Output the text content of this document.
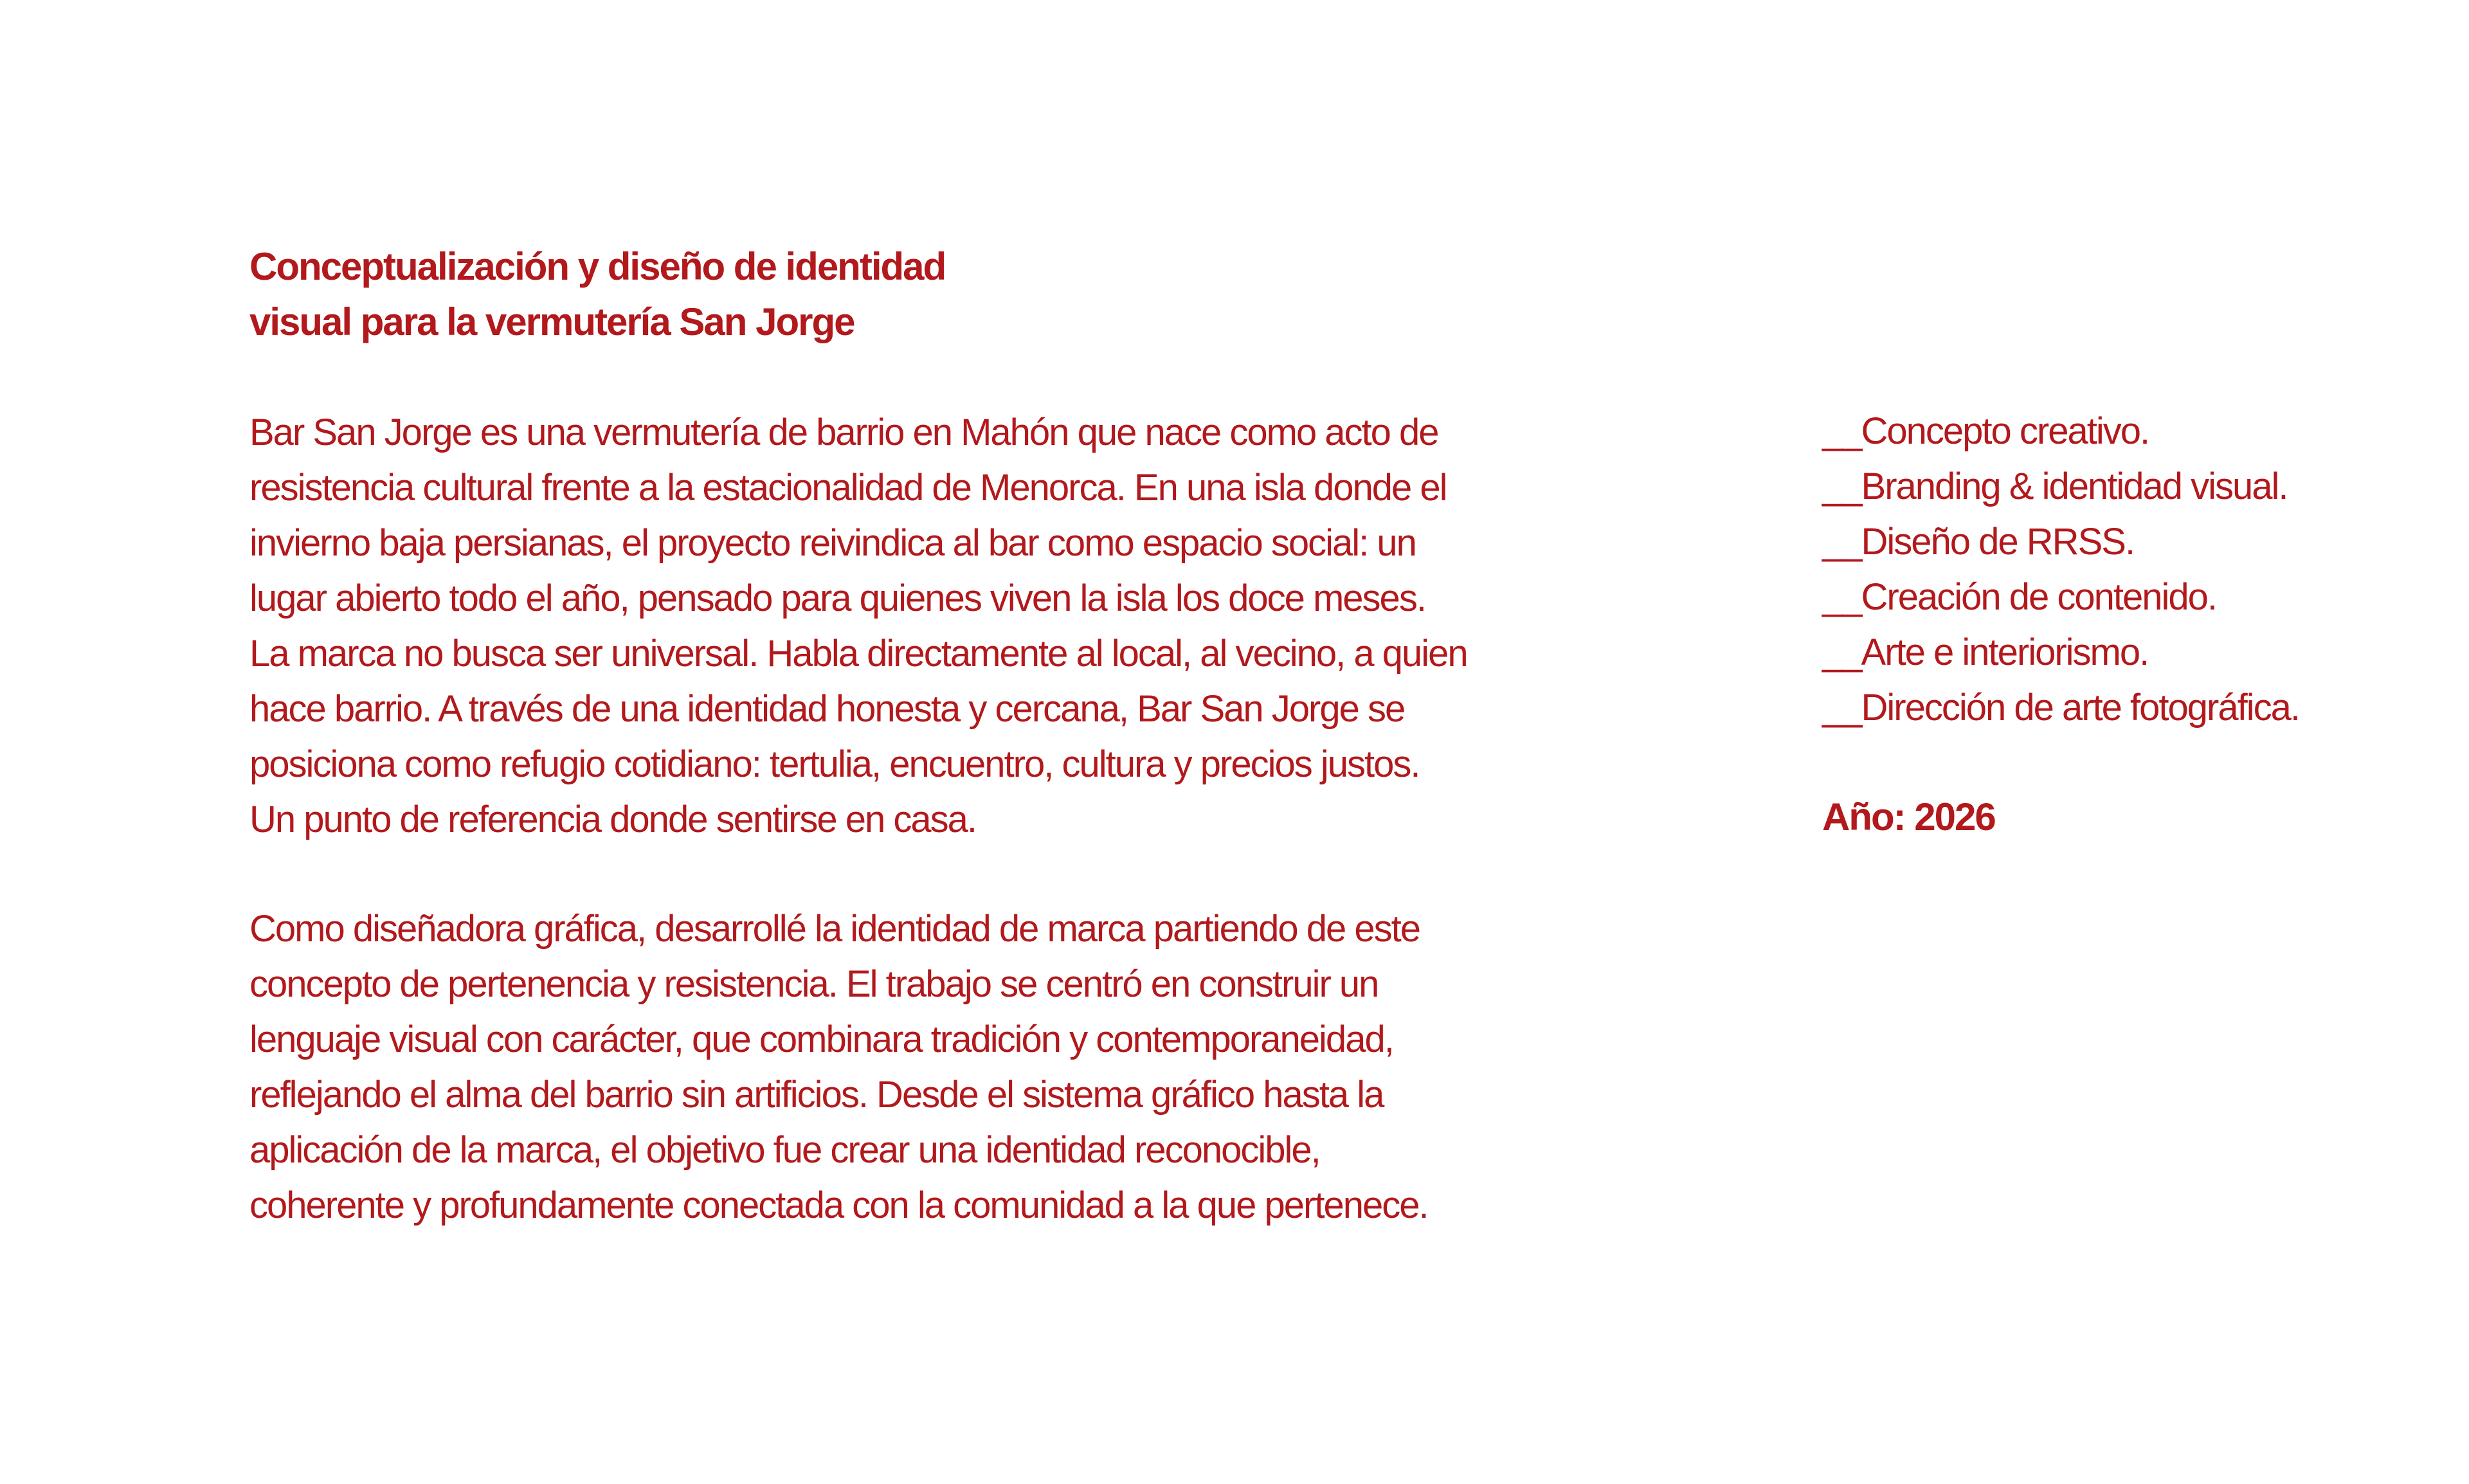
Conceptualización y diseño de identidad
visual para la vermutería San Jorge

Bar San Jorge es una vermutería de barrio en Mahón que nace como acto de
resistencia cultural frente a la estacionalidad de Menorca. En una isla donde el
invierno baja persianas, el proyecto reivindica al bar como espacio social: un
lugar abierto todo el año, pensado para quienes viven la isla los doce meses.
La marca no busca ser universal. Habla directamente al local, al vecino, a quien
hace barrio. A través de una identidad honesta y cercana, Bar San Jorge se
posiciona como refugio cotidiano: tertulia, encuentro, cultura y precios justos.
Un punto de referencia donde sentirse en casa.

Como diseñadora gráfica, desarrollé la identidad de marca partiendo de este
concepto de pertenencia y resistencia. El trabajo se centró en construir un
lenguaje visual con carácter, que combinara tradición y contemporaneidad,
reflejando el alma del barrio sin artificios. Desde el sistema gráfico hasta la
aplicación de la marca, el objetivo fue crear una identidad reconocible,
coherente y profundamente conectada con la comunidad a la que pertenece.

__Concepto creativo.
__Branding & identidad visual.
__Diseño de RRSS.
__Creación de contenido.
__Arte e interiorismo.
__Dirección de arte fotográfica.
Año: 2026
